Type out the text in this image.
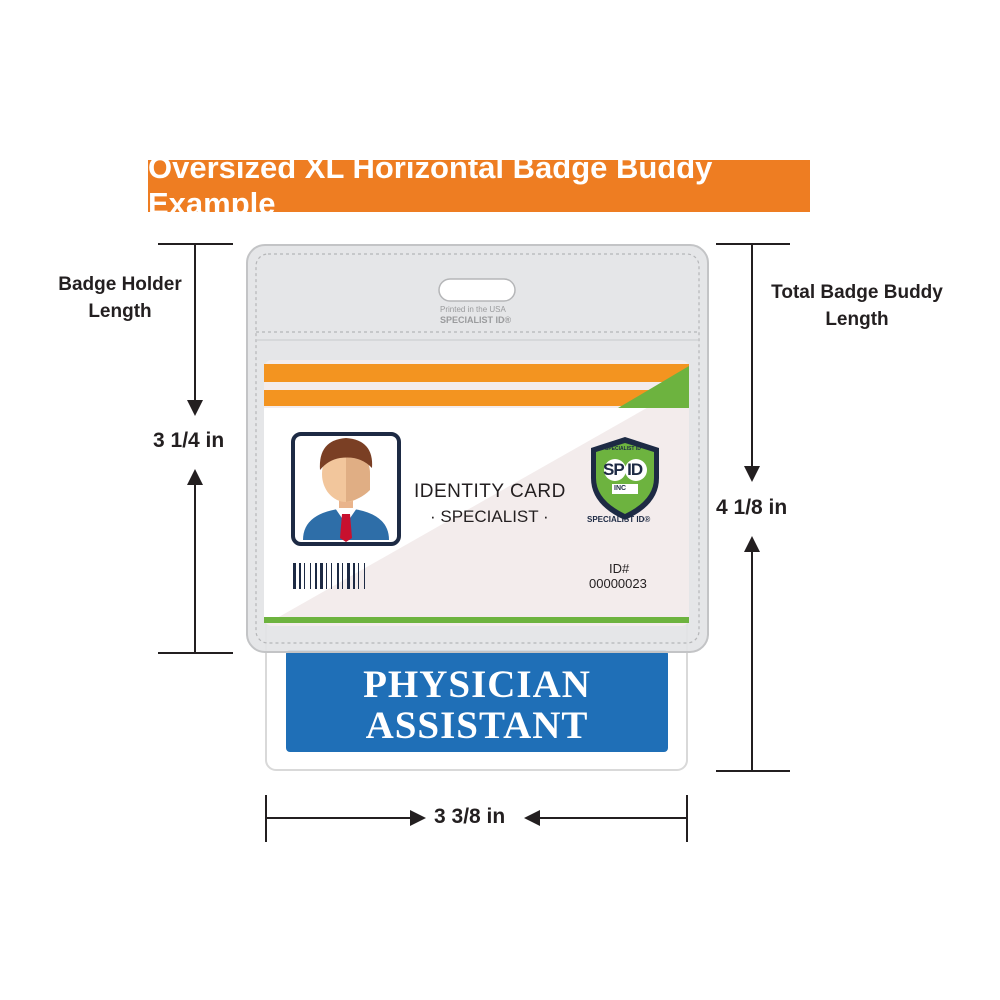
Oversized XL Horizontal Badge Buddy Example
Badge Holder
Length
Total Badge Buddy
Length
Printed in the USA
SPECIALIST ID®
IDENTITY CARD
· SPECIALIST ·
ID#
00000023
SPECIALIST ID
SP ID
INC
SPECIALIST ID®
PHYSICIAN
ASSISTANT
3 1/4 in
4 1/8 in
3 3/8 in
